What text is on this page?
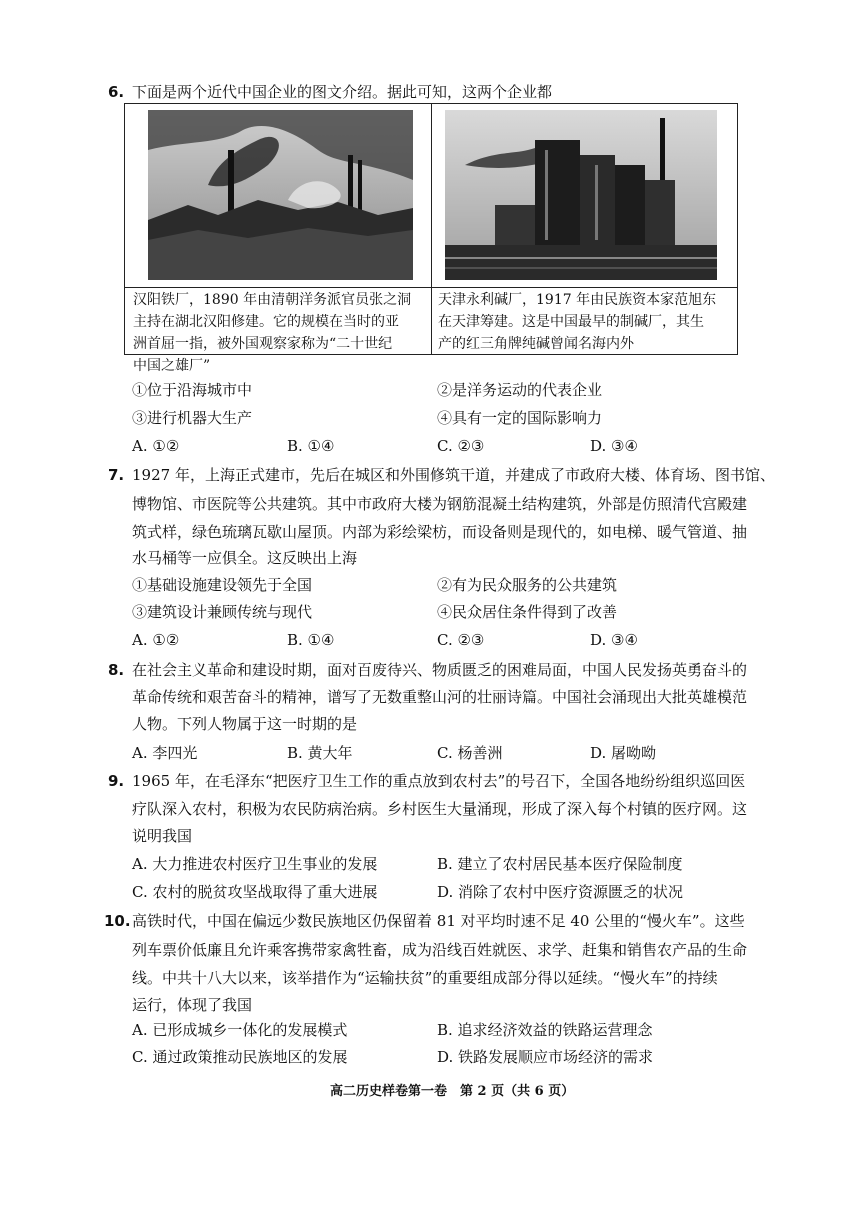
6. 下面是两个近代中国企业的图文介绍。据此可知，这两个企业都
汉阳铁厂，1890 年由清朝洋务派官员张之洞
主持在湖北汉阳修建。它的规模在当时的亚
洲首屈一指，被外国观察家称为“二十世纪
中国之雄厂”
天津永利碱厂，1917 年由民族资本家范旭东
在天津筹建。这是中国最早的制碱厂，其生
产的红三角牌纯碱曾闻名海内外
①位于沿海城市中	②是洋务运动的代表企业
③进行机器大生产	④具有一定的国际影响力
A. ①②	B. ①④	C. ②③	D. ③④
7. 1927 年，上海正式建市，先后在城区和外围修筑干道，并建成了市政府大楼、体育场、图书馆、
博物馆、市医院等公共建筑。其中市政府大楼为钢筋混凝土结构建筑，外部是仿照清代宫殿建
筑式样，绿色琉璃瓦歇山屋顶。内部为彩绘梁枋，而设备则是现代的，如电梯、暖气管道、抽
水马桶等一应俱全。这反映出上海
①基础设施建设领先于全国	②有为民众服务的公共建筑
③建筑设计兼顾传统与现代	④民众居住条件得到了改善
A. ①②	B. ①④	C. ②③	D. ③④
8. 在社会主义革命和建设时期，面对百废待兴、物质匮乏的困难局面，中国人民发扬英勇奋斗的
革命传统和艰苦奋斗的精神，谱写了无数重整山河的壮丽诗篇。中国社会涌现出大批英雄模范
人物。下列人物属于这一时期的是
A. 李四光	B. 黄大年	C. 杨善洲	D. 屠呦呦
9. 1965 年，在毛泽东“把医疗卫生工作的重点放到农村去”的号召下，全国各地纷纷组织巡回医
疗队深入农村，积极为农民防病治病。乡村医生大量涌现，形成了深入每个村镇的医疗网。这
说明我国
A. 大力推进农村医疗卫生事业的发展	B. 建立了农村居民基本医疗保险制度
C. 农村的脱贫攻坚战取得了重大进展	D. 消除了农村中医疗资源匮乏的状况
10. 高铁时代，中国在偏远少数民族地区仍保留着 81 对平均时速不足 40 公里的“慢火车”。这些
列车票价低廉且允许乘客携带家禽牲畜，成为沿线百姓就医、求学、赶集和销售农产品的生命
线。中共十八大以来，该举措作为“运输扶贫”的重要组成部分得以延续。“慢火车”的持续
运行，体现了我国
A. 已形成城乡一体化的发展模式	B. 追求经济效益的铁路运营理念
C. 通过政策推动民族地区的发展	D. 铁路发展顺应市场经济的需求
高二历史样卷第一卷　第 2 页（共 6 页）
